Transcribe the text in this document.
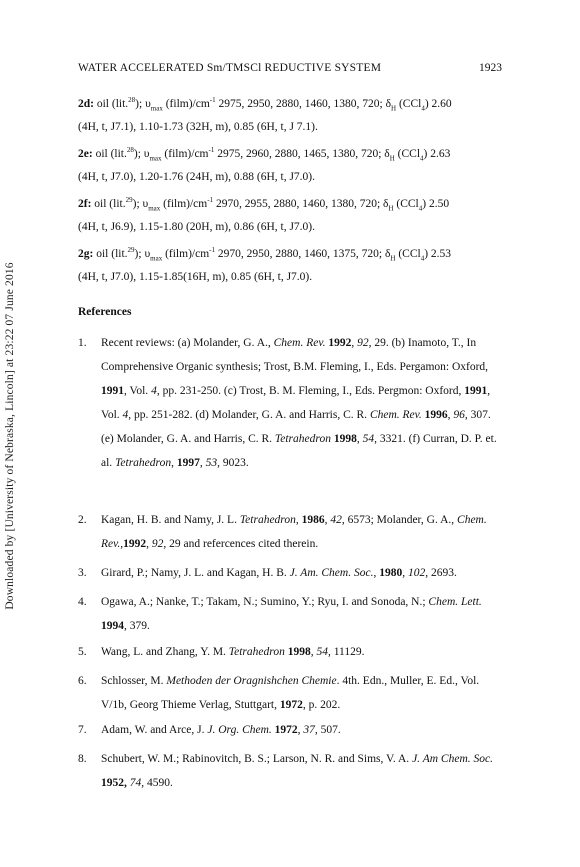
WATER ACCELERATED Sm/TMSCl REDUCTIVE SYSTEM	1923
Downloaded by [University of Nebraska, Lincoln] at 23:22 07 June 2016
2d: oil (lit.$^{28}$); $\upsilon_{max}$ $(film)/cm^{-1}$ 2975, 2950, 2880, 1460, 1380, 720; $\delta_H$ (CCl$_4$) 2.60
(4H, t, J7.1), 1.10-1.73 (32H, m), 0.85 (6H, t, J 7.1).
2e: oil (lit.$^{28}$); $\upsilon_{max}$ $(film)/cm^{-1}$ 2975, 2960, 2880, 1465, 1380, 720; $\delta_H$ (CCl$_4$) 2.63
(4H, t, J7.0), 1.20-1.76 (24H, m), 0.88 (6H, t, J7.0).
2f: oil (lit.$^{29}$); $\upsilon_{max}$ $(film)/cm^{-1}$ 2970, 2955, 2880, 1460, 1380, 720; $\delta_H$ (CCl$_4$) 2.50
(4H, t, J6.9), 1.15-1.80 (20H, m), 0.86 (6H, t, J7.0).
2g: oil (lit.$^{29}$); $\upsilon_{max}$ $(film)/cm^{-1}$ 2970, 2950, 2880, 1460, 1375, 720; $\delta_H$ (CCl$_4$) 2.53
(4H, t, J7.0), 1.15-1.85(16H, m), 0.85 (6H, t, J7.0).
References
1. Recent reviews: (a) Molander, G. A., Chem. Rev. 1992, 92, 29. (b) Inamoto, T., In Comprehensive Organic synthesis; Trost, B.M. Fleming, I., Eds. Pergamon: Oxford, 1991, Vol. 4, pp. 231-250. (c) Trost, B. M. Fleming, I., Eds. Pergmon: Oxford, 1991, Vol. 4, pp. 251-282. (d) Molander, G. A. and Harris, C. R. Chem. Rev. 1996, 96, 307. (e) Molander, G. A. and Harris, C. R. Tetrahedron 1998, 54, 3321. (f) Curran, D. P. et. al. Tetrahedron, 1997, 53, 9023.
2. Kagan, H. B. and Namy, J. L. Tetrahedron, 1986, 42, 6573; Molander, G. A., Chem. Rev.,1992, 92, 29 and refercences cited therein.
3. Girard, P.; Namy, J. L. and Kagan, H. B. J. Am. Chem. Soc., 1980, 102, 2693.
4. Ogawa, A.; Nanke, T.; Takam, N.; Sumino, Y.; Ryu, I. and Sonoda, N.; Chem. Lett. 1994, 379.
5. Wang, L. and Zhang, Y. M. Tetrahedron 1998, 54, 11129.
6. Schlosser, M. Methoden der Oragnishchen Chemie. 4th. Edn., Muller, E. Ed., Vol. V/1b, Georg Thieme Verlag, Stuttgart, 1972, p. 202.
7. Adam, W. and Arce, J. J. Org. Chem. 1972, 37, 507.
8. Schubert, W. M.; Rabinovitch, B. S.; Larson, N. R. and Sims, V. A. J. Am Chem. Soc. 1952, 74, 4590.
